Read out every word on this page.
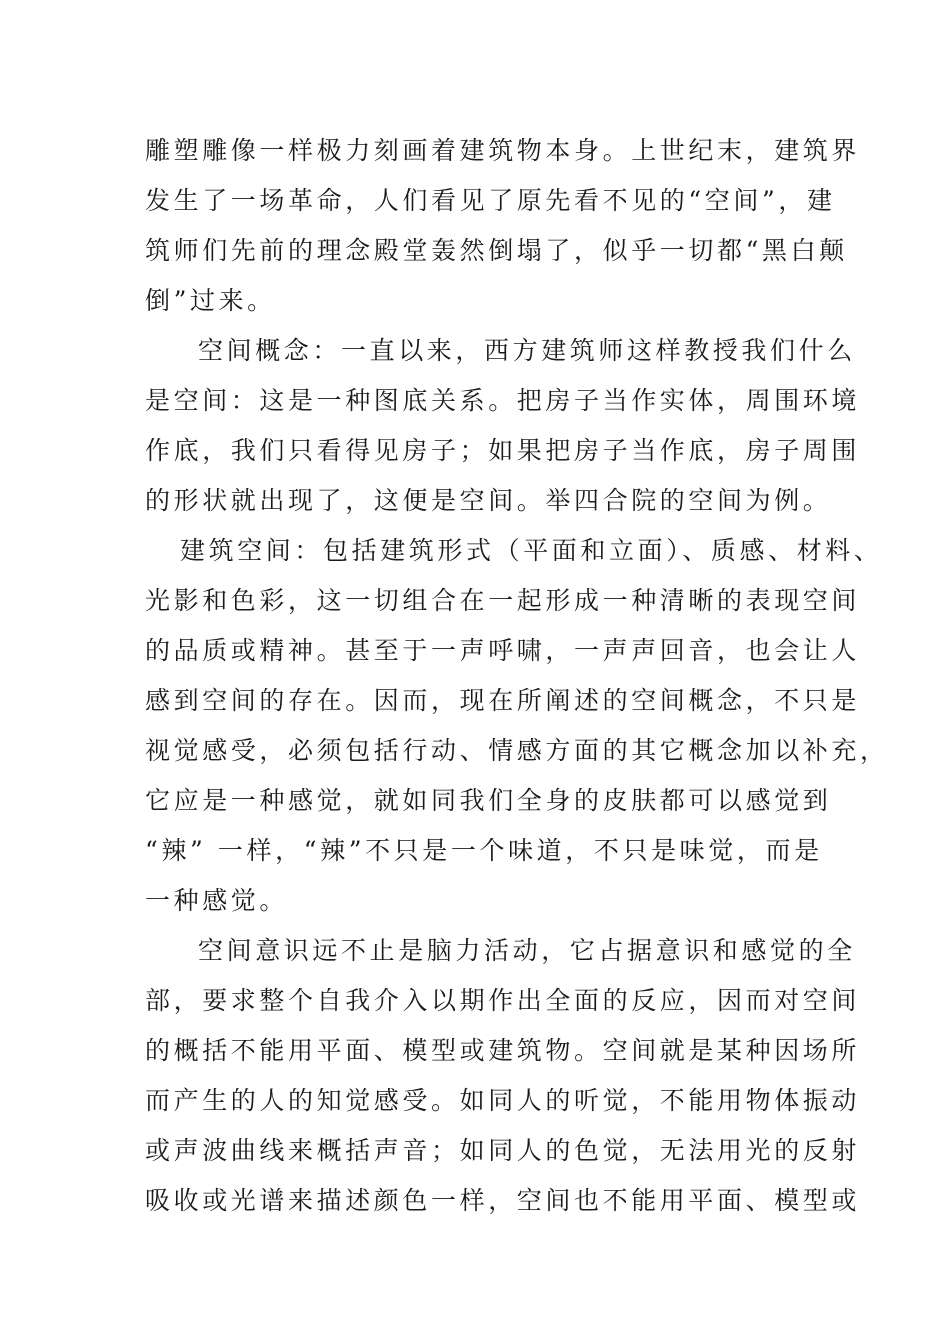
雕塑雕像一样极力刻画着建筑物本身。上世纪末，建筑界

发生了一场革命，人们看见了原先看不见的“空间”，建

筑师们先前的理念殿堂轰然倒塌了，似乎一切都“黑白颠

倒”过来。

空间概念：一直以来，西方建筑师这样教授我们什么

是空间：这是一种图底关系。把房子当作实体，周围环境

作底，我们只看得见房子；如果把房子当作底，房子周围

的形状就出现了，这便是空间。举四合院的空间为例。

建筑空间：包括建筑形式（平面和立面）、质感、材料、

光影和色彩，这一切组合在一起形成一种清晰的表现空间

的品质或精神。甚至于一声呼啸，一声声回音，也会让人

感到空间的存在。因而，现在所阐述的空间概念，不只是

视觉感受，必须包括行动、情感方面的其它概念加以补充，

它应是一种感觉，就如同我们全身的皮肤都可以感觉到

“辣” 一样，“辣”不只是一个味道，不只是味觉，而是

一种感觉。

空间意识远不止是脑力活动，它占据意识和感觉的全

部，要求整个自我介入以期作出全面的反应，因而对空间

的概括不能用平面、模型或建筑物。空间就是某种因场所

而产生的人的知觉感受。如同人的听觉，不能用物体振动

或声波曲线来概括声音；如同人的色觉，无法用光的反射

吸收或光谱来描述颜色一样，空间也不能用平面、模型或
